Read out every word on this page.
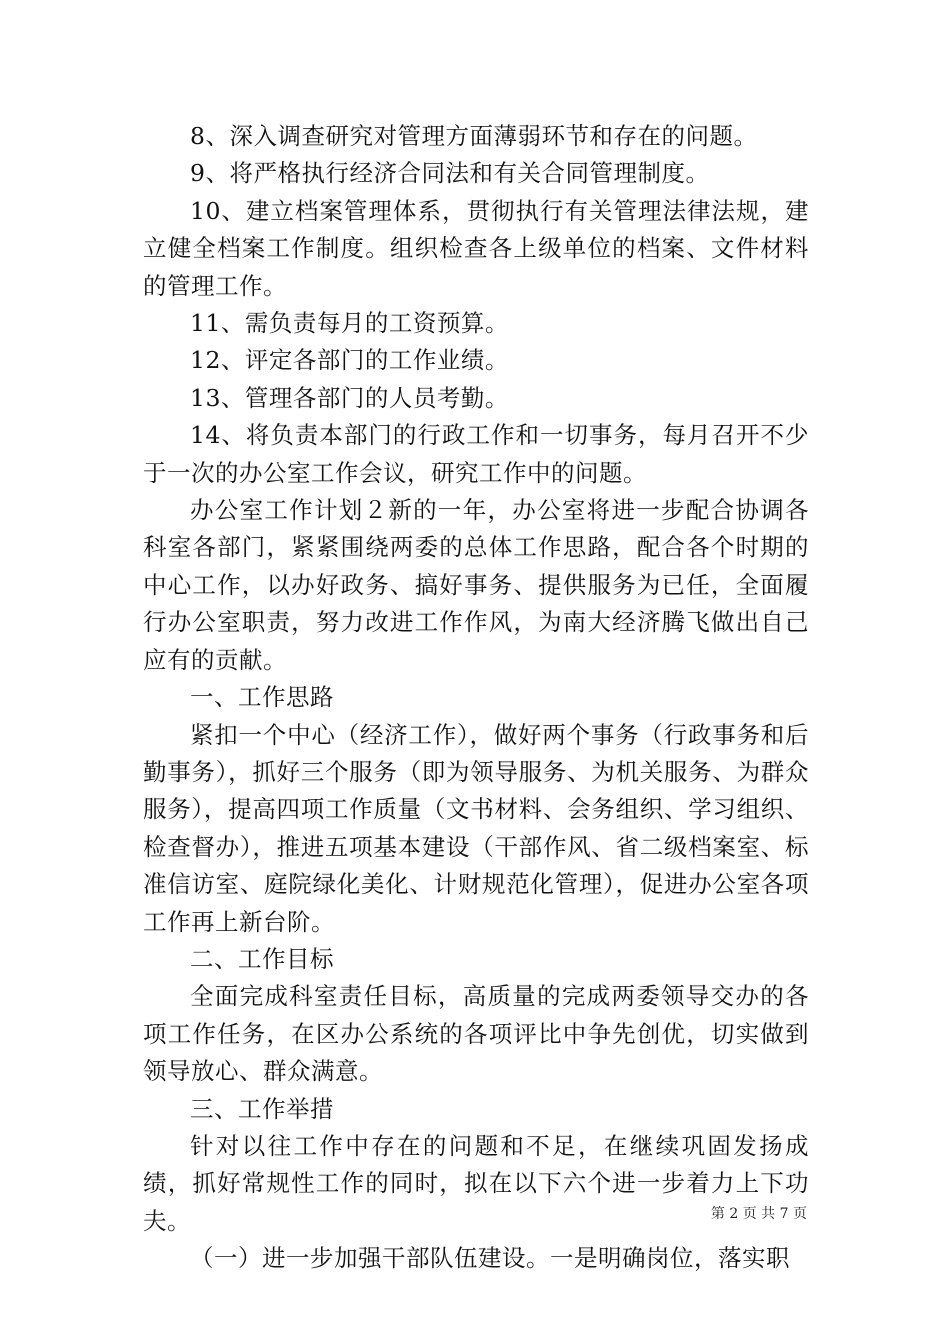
8、深入调查研究对管理方面薄弱环节和存在的问题。

9、将严格执行经济合同法和有关合同管理制度。

10、建立档案管理体系，贯彻执行有关管理法律法规，建立健全档案工作制度。组织检查各上级单位的档案、文件材料的管理工作。

11、需负责每月的工资预算。

12、评定各部门的工作业绩。

13、管理各部门的人员考勤。

14、将负责本部门的行政工作和一切事务，每月召开不少于一次的办公室工作会议，研究工作中的问题。

办公室工作计划２新的一年，办公室将进一步配合协调各科室各部门，紧紧围绕两委的总体工作思路，配合各个时期的中心工作，以办好政务、搞好事务、提供服务为已任，全面履行办公室职责，努力改进工作作风，为南大经济腾飞做出自己应有的贡献。

一、工作思路

紧扣一个中心（经济工作），做好两个事务（行政事务和后勤事务），抓好三个服务（即为领导服务、为机关服务、为群众服务），提高四项工作质量（文书材料、会务组织、学习组织、检查督办），推进五项基本建设（干部作风、省二级档案室、标准信访室、庭院绿化美化、计财规范化管理），促进办公室各项工作再上新台阶。

二、工作目标

全面完成科室责任目标，高质量的完成两委领导交办的各项工作任务，在区办公系统的各项评比中争先创优，切实做到领导放心、群众满意。

三、工作举措

针对以往工作中存在的问题和不足，在继续巩固发扬成绩，抓好常规性工作的同时，拟在以下六个进一步着力上下功夫。

（一）进一步加强干部队伍建设。一是明确岗位，落实职

第 2 页 共 7 页
